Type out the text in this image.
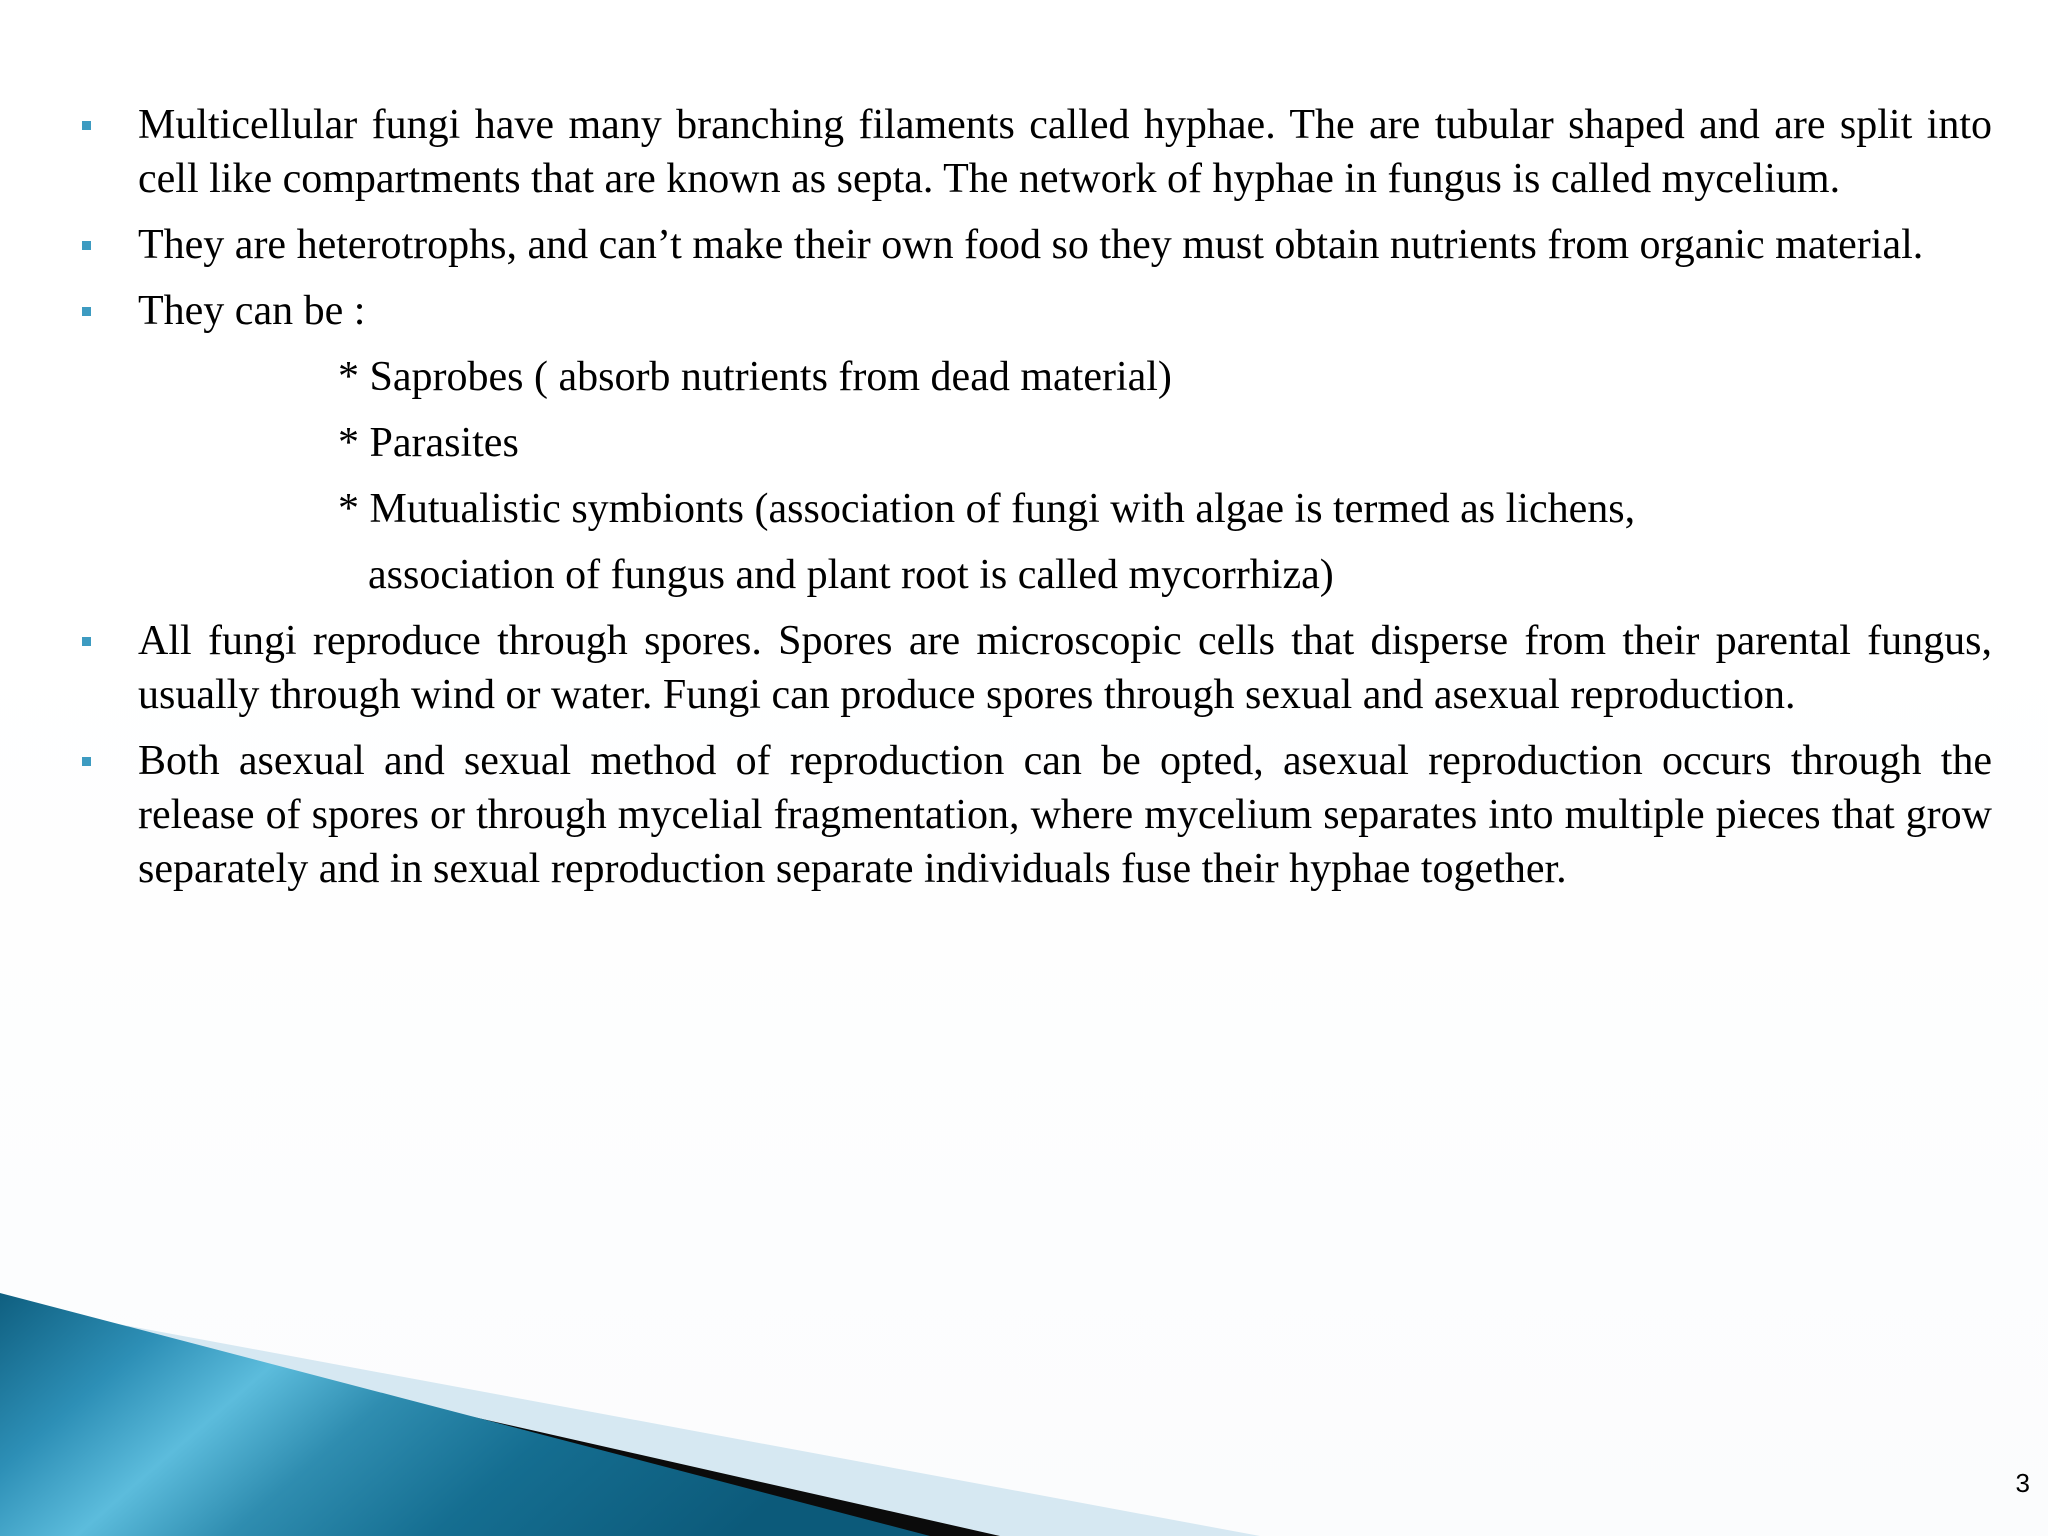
Multicellular fungi have many branching filaments called hyphae. The are tubular shaped and are split into cell like compartments that are known as septa. The network of hyphae in fungus is called mycelium.
They are heterotrophs, and can’t make their own food so they must obtain nutrients from organic material.
They can be :
* Saprobes ( absorb nutrients from dead material)
* Parasites
* Mutualistic symbionts (association of fungi with algae is termed as lichens,
association of fungus and plant root is called mycorrhiza)
All fungi reproduce through spores. Spores are microscopic cells that disperse from their parental fungus, usually through wind or water. Fungi can produce spores through sexual and asexual reproduction.
Both asexual and sexual method of reproduction can be opted, asexual reproduction occurs through the release of spores or through mycelial fragmentation, where mycelium separates into multiple pieces that grow separately and in sexual reproduction separate individuals fuse their hyphae together.
3
